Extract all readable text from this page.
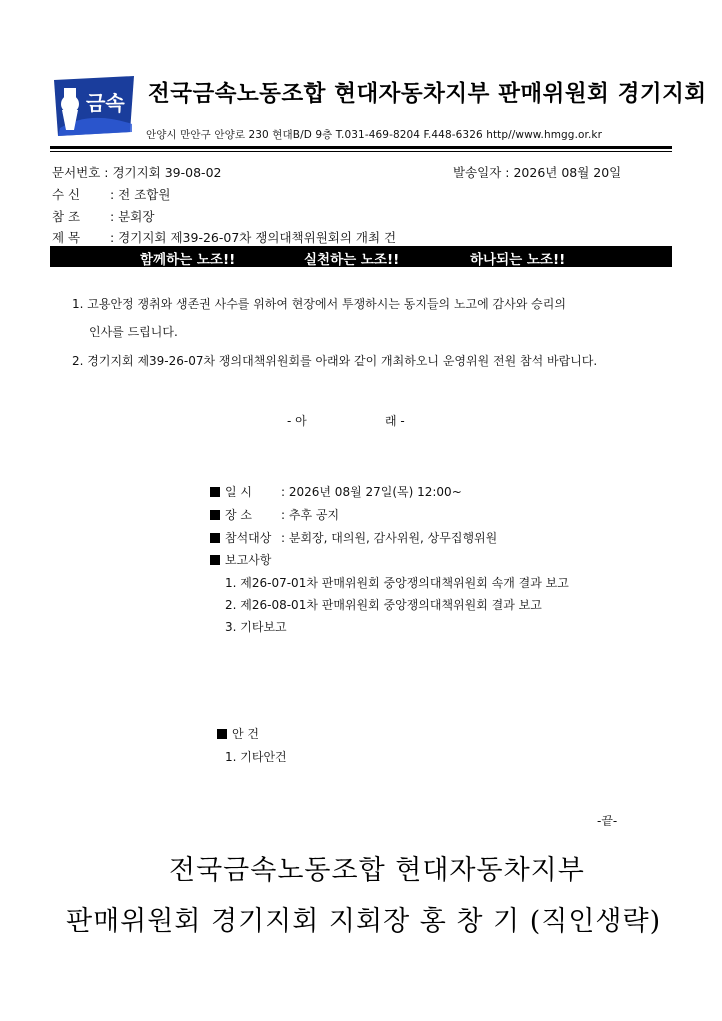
금속 전국금속노동조합 현대자동차지부 판매위원회 경기지회
안양시 만안구 안양로 230 현대B/D 9층 T.031-469-8204 F.448-6326 http//www.hmgg.or.kr
문서번호 : 경기지회 39-08-02	발송일자 : 2026년 08월 20일
수 신 : 전 조합원
참 조 : 분회장
제 목 : 경기지회 제39-26-07차 쟁의대책위원회의 개최 건
함께하는 노조!!	실천하는 노조!!	하나되는 노조!!
1. 고용안정 쟁취와 생존권 사수를 위하여 현장에서 투쟁하시는 동지들의 노고에 감사와 승리의
인사를 드립니다.
2. 경기지회 제39-26-07차 쟁의대책위원회를 아래와 같이 개최하오니 운영위원 전원 참석 바랍니다.
- 아	래 -
일 시 : 2026년 08월 27일(목) 12:00~
장 소 : 추후 공지
참석대상 : 분회장, 대의원, 감사위원, 상무집행위원
보고사항
1. 제26-07-01차 판매위원회 중앙쟁의대책위원회 속개 결과 보고
2. 제26-08-01차 판매위원회 중앙쟁의대책위원회 결과 보고
3. 기타보고
안 건
1. 기타안건
-끝-
전국금속노동조합 현대자동차지부
판매위원회 경기지회 지회장 홍 창 기 (직인생략)
